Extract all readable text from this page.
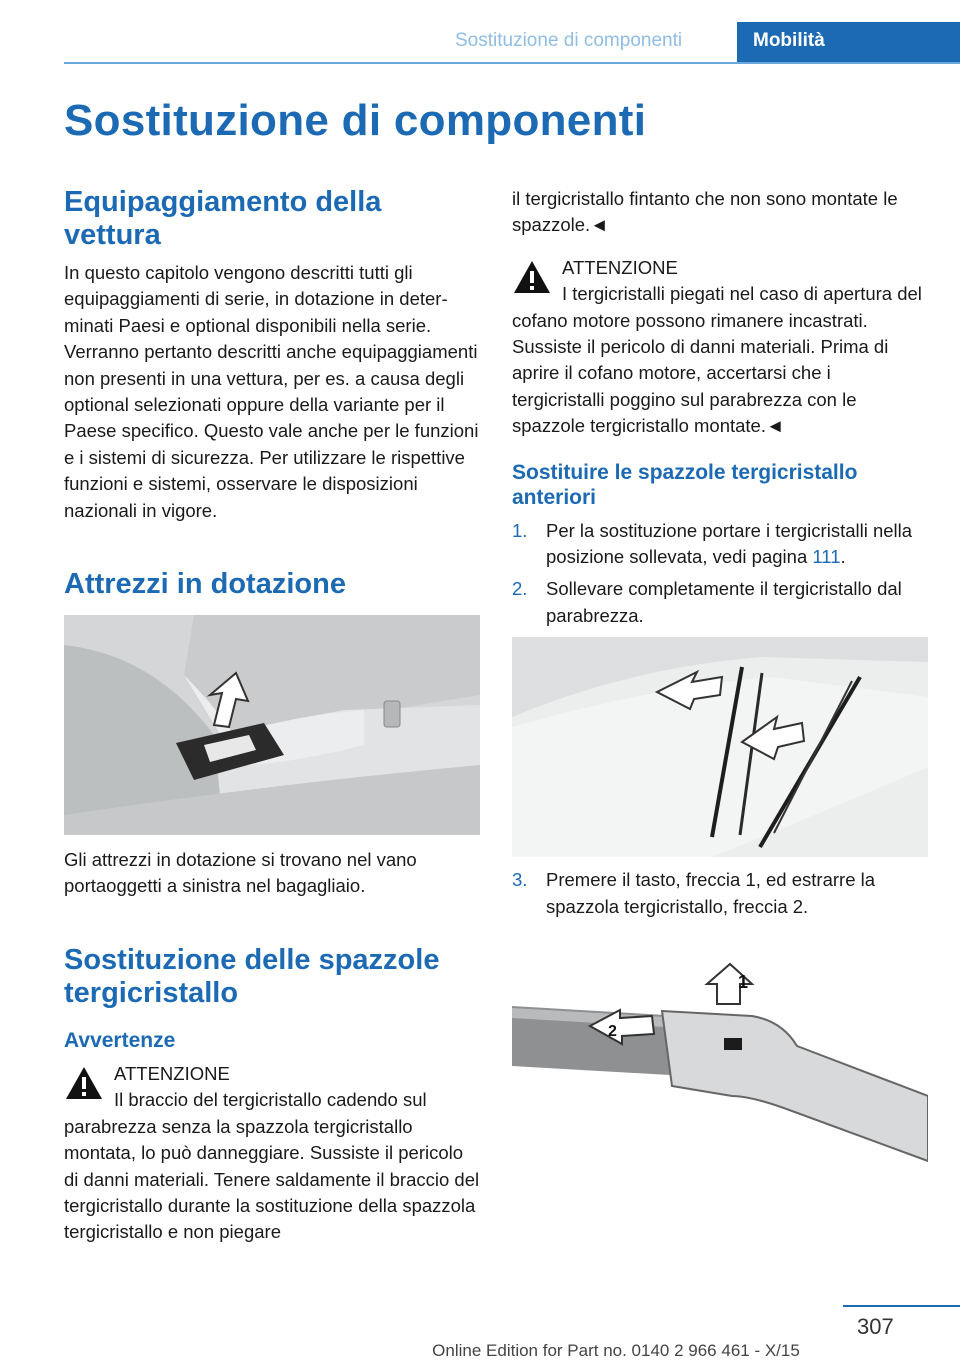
Sostituzione di componenti	Mobilità
Sostituzione di componenti
Equipaggiamento della vettura

In questo capitolo vengono descritti tutti gli equipaggiamenti di serie, in dotazione in determinati Paesi e optional disponibili nella serie. Verranno pertanto descritti anche equipaggiamenti non presenti in una vettura, per es. a causa degli optional selezionati oppure della variante per il Paese specifico. Questo vale anche per le funzioni e i sistemi di sicurezza. Per utilizzare le rispettive funzioni e sistemi, osservare le disposizioni nazionali in vigore.

Attrezzi in dotazione

Gli attrezzi in dotazione si trovano nel vano portaoggetti a sinistra nel bagagliaio.

Sostituzione delle spazzole tergicristallo
Avvertenze

ATTENZIONE

Il braccio del tergicristallo cadendo sul parabrezza senza la spazzola tergicristallo montata, lo può danneggiare. Sussiste il pericolo di danni materiali. Tenere saldamente il braccio del tergicristallo durante la sostituzione della spazzola tergicristallo e non piegare

il tergicristallo fintanto che non sono montate le spazzole.◄

ATTENZIONE

I tergicristalli piegati nel caso di apertura del cofano motore possono rimanere incastrati. Sussiste il pericolo di danni materiali. Prima di aprire il cofano motore, accertarsi che i tergicristalli poggino sul parabrezza con le spazzole tergicristallo montate.◄

Sostituire le spazzole tergicristallo anteriori
1. Per la sostituzione portare i tergicristalli nella posizione sollevata, vedi pagina 111.
2. Sollevare completamente il tergicristallo dal parabrezza.
3. Premere il tasto, freccia 1, ed estrarre la spazzola tergicristallo, freccia 2.
1
2
307
Online Edition for Part no. 0140 2 966 461 - X/15
